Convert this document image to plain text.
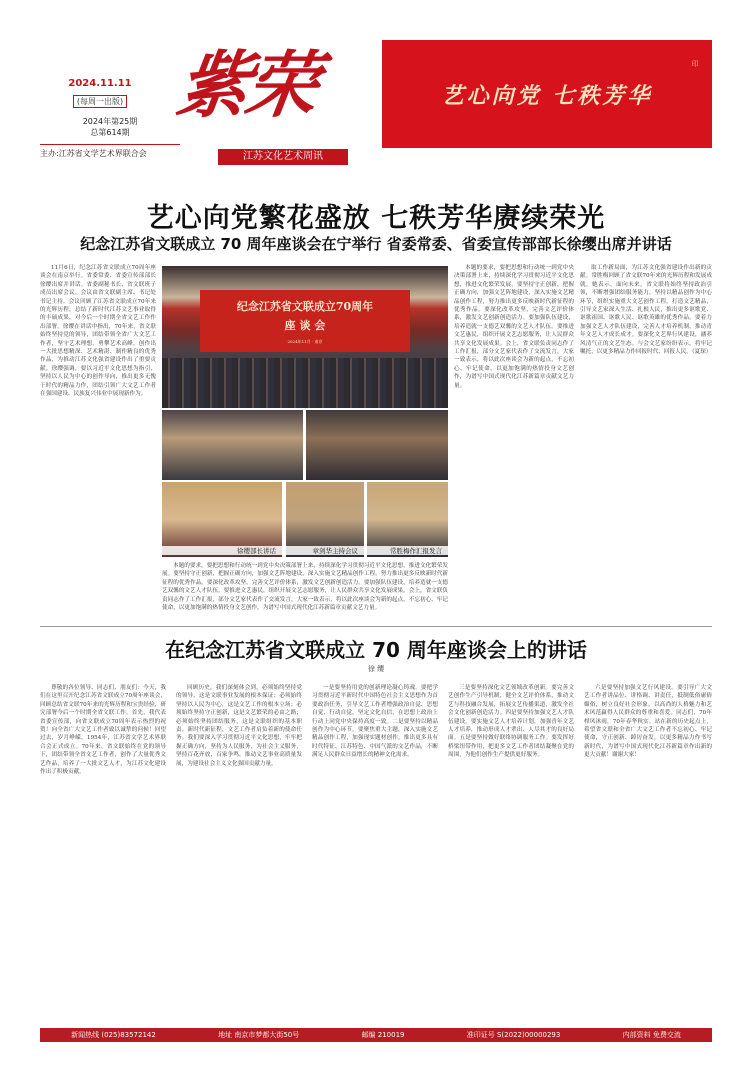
2024.11.11
(每周一出版)
2024年第25期
总第614期
主办:江苏省文学艺术界联合会
紫荣
江苏文化艺术周讯
艺心向党 七秩芳华
印
艺心向党繁花盛放 七秩芳华赓续荣光
纪念江苏省文联成立 70 周年座谈会在宁举行 省委常委、省委宣传部部长徐缨出席并讲话

11月6日，纪念江苏省文联成立70周年座谈会在南京举行。省委常委、省委宣传部部长徐缨出席并讲话。省委副秘书长、省文联班子成员出席会议。会议由省文联副主席、书记处书记主持。会议回顾了江苏省文联成立70年来的光辉历程，总结了新时代江苏文艺事业取得的丰硕成果，对今后一个时期全省文艺工作作出部署。徐缨在讲话中指出，70年来，省文联始终坚持党的领导，团结带领全省广大文艺工作者，坚守艺术理想，勇攀艺术高峰，创作出一大批思想精深、艺术精湛、制作精良的优秀作品，为推动江苏文化强省建设作出了重要贡献。徐缨强调，要以习近平文化思想为指引，坚持以人民为中心的创作导向，推出更多无愧于时代的精品力作，团结引领广大文艺工作者在强国建设、民族复兴伟业中展现新作为。

纪念江苏省文联成立70周年
座 谈 会
2024年11月 · 南京
徐缨部长讲话	章剑华主持会议	常胜梅作汇报发言

本题的要求，要把思想和行动统一到党中央决策部署上来，持续深化学习贯彻习近平文化思想，推进文化繁荣发展。要坚持守正创新，把握正确方向，加强文艺阵地建设，深入实施文艺精品创作工程，努力推出更多反映新时代新征程的优秀作品。要深化改革攻坚，完善文艺评价体系，激发文艺创新创造活力。要加强队伍建设，培养造就一支德艺双馨的文艺人才队伍。要推进文艺惠民，组织开展文艺志愿服务，让人民群众共享文化发展成果。会上，省文联负责同志作了工作汇报，部分文艺家代表作了交流发言，大家一致表示，将以此次座谈会为新的起点，不忘初心、牢记使命，以更加饱满的热情投身文艺创作，为谱写中国式现代化江苏新篇章贡献文艺力量。

本题的要求，要把思想和行动统一到党中央决策部署上来，持续深化学习贯彻习近平文化思想，推进文化繁荣发展。要坚持守正创新，把握正确方向，加强文艺阵地建设，深入实施文艺精品创作工程，努力推出更多反映新时代新征程的优秀作品。要深化改革攻坚，完善文艺评价体系，激发文艺创新创造活力。要加强队伍建设，培养造就一支德艺双馨的文艺人才队伍。要推进文艺惠民，组织开展文艺志愿服务，让人民群众共享文化发展成果。会上，省文联负责同志作了工作汇报，部分文艺家代表作了交流发言，大家一致表示，将以此次座谈会为新的起点，不忘初心、牢记使命，以更加饱满的热情投身文艺创作，为谱写中国式现代化江苏新篇章贡献文艺力量。

取工作新局面，为江苏文化强省建设作出新的贡献。常胜梅回顾了省文联70年来的光辉历程和发展成就。她表示，面向未来，省文联将始终坚持政治引领，不断增强团结服务能力，坚持以精品创作为中心环节，组织实施重大文艺创作工程，打造文艺精品，引导文艺家深入生活、扎根人民，推出更多讴歌党、讴歌祖国、讴歌人民、讴歌英雄的优秀作品。要着力加强文艺人才队伍建设，完善人才培养机制，推动青年文艺人才成长成才。要深化文艺界行风建设，涵养风清气正的文艺生态。与会文艺家纷纷表示，将牢记嘱托，以更多精品力作回报时代、回报人民。（夏琛）

在纪念江苏省文联成立 70 周年座谈会上的讲话
徐 缨

尊敬的各位领导、同志们、朋友们：今天，我们在这里召开纪念江苏省文联成立70周年座谈会，回顾总结省文联70年来的光辉历程和宝贵经验，研究部署今后一个时期全省文联工作。首先，我代表省委宣传部，向省文联成立70周年表示热烈的祝贺！向全省广大文艺工作者致以诚挚的问候！回望过去，岁月峥嵘。1954年，江苏省文学艺术界联合会正式成立。70年来，省文联始终在党的领导下，团结带领全省文艺工作者，创作了大量优秀文艺作品，培养了一大批文艺人才，为江苏文化建设作出了积极贡献。

回顾历史，我们深刻体会到，必须始终坚持党的领导，这是文联事业发展的根本保证；必须始终坚持以人民为中心，这是文艺工作的根本立场；必须始终坚持守正创新，这是文艺繁荣的必由之路；必须始终坚持团结服务，这是文联组织的基本职责。新时代新征程，文艺工作者肩负着新的使命任务。我们要深入学习贯彻习近平文化思想，牢牢把握正确方向，坚持为人民服务、为社会主义服务，坚持百花齐放、百家争鸣，推动文艺事业高质量发展，为建设社会主义文化强国贡献力量。

一是要坚持用党的创新理论凝心铸魂。要把学习贯彻习近平新时代中国特色社会主义思想作为首要政治任务，引导文艺工作者增强政治自觉、思想自觉、行动自觉，坚定文化自信，在思想上政治上行动上同党中央保持高度一致。二是要坚持以精品创作为中心环节。要聚焦重大主题，深入实施文艺精品创作工程，加强现实题材创作，推出更多具有时代特征、江苏特色、中国气派的文艺作品，不断满足人民群众日益增长的精神文化需求。

三是要坚持深化文艺领域改革创新。要完善文艺创作生产引导机制，健全文艺评价体系，推动文艺与科技融合发展，拓展文艺传播渠道，激发全社会文化创新创造活力。四是要坚持加强文艺人才队伍建设。要实施文艺人才培养计划，加强青年文艺人才培养，推动形成人才辈出、人尽其才的良好局面。五是要坚持做好联络协调服务工作。要发挥好桥梁纽带作用，把更多文艺工作者团结凝聚在党的周围，为他们创作生产提供更好服务。

六是要坚持加强文艺行风建设。要引导广大文艺工作者讲品位、讲格调、讲责任，抵制低俗庸俗媚俗，树立良好社会形象，以高尚的人格魅力和艺术风范赢得人民群众的尊重和喜爱。同志们，70年栉风沐雨，70年春华秋实。站在新的历史起点上，希望省文联和全省广大文艺工作者不忘初心、牢记使命，守正创新、踔厉奋发，以更多精品力作书写新时代，为谱写中国式现代化江苏新篇章作出新的更大贡献！谢谢大家！

新闻热线 (025)83572142	地址 南京市梦都大街50号	邮编 210019	准印证号 S(2022)00000293	内部资料 免费交流
